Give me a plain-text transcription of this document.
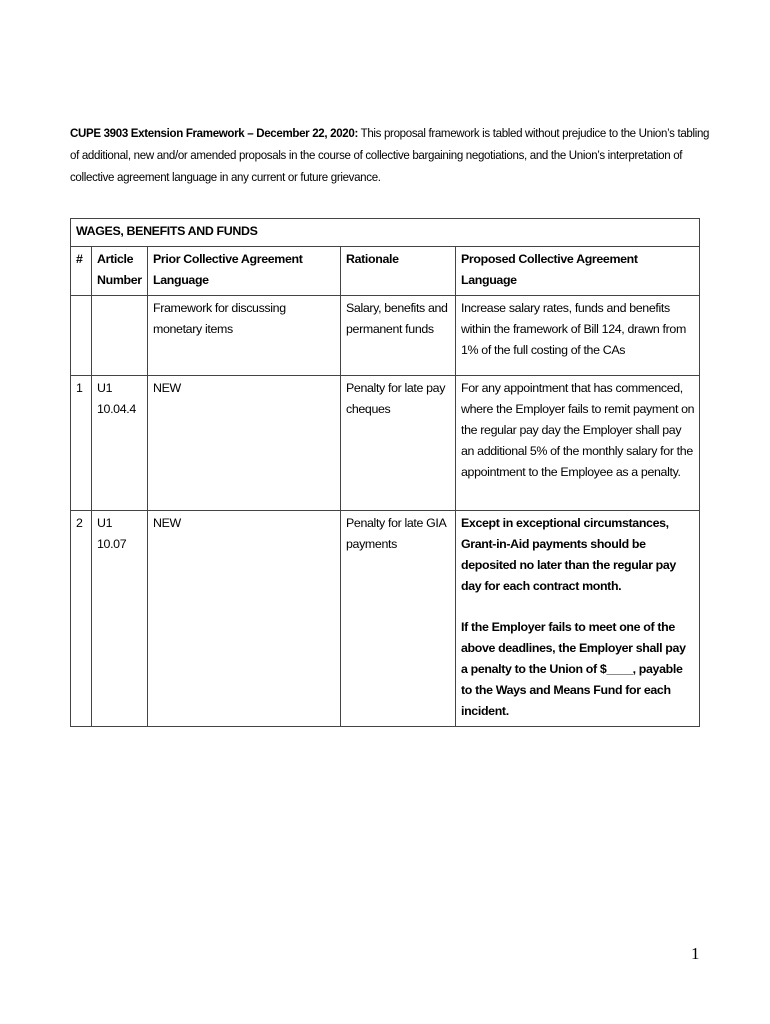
CUPE 3903 Extension Framework – December 22, 2020: This proposal framework is tabled without prejudice to the Union’s tabling of additional, new and/or amended proposals in the course of collective bargaining negotiations, and the Union’s interpretation of collective agreement language in any current or future grievance.
WAGES, BENEFITS AND FUNDS				
#	Article Number	Prior Collective Agreement Language	Rationale	Proposed Collective Agreement Language
		Framework for discussing monetary items	Salary, benefits and permanent funds	Increase salary rates, funds and benefits within the framework of Bill 124, drawn from 1% of the full costing of the CAs
1	U1 10.04.4	NEW	Penalty for late pay cheques	For any appointment that has commenced, where the Employer fails to remit payment on the regular pay day the Employer shall pay an additional 5% of the monthly salary for the appointment to the Employee as a penalty.
2	U1 10.07	NEW	Penalty for late GIA payments	Except in exceptional circumstances, Grant-in-Aid payments should be deposited no later than the regular pay day for each contract month.
If the Employer fails to meet one of the above deadlines, the Employer shall pay a penalty to the Union of $____, payable to the Ways and Means Fund for each incident.
1
